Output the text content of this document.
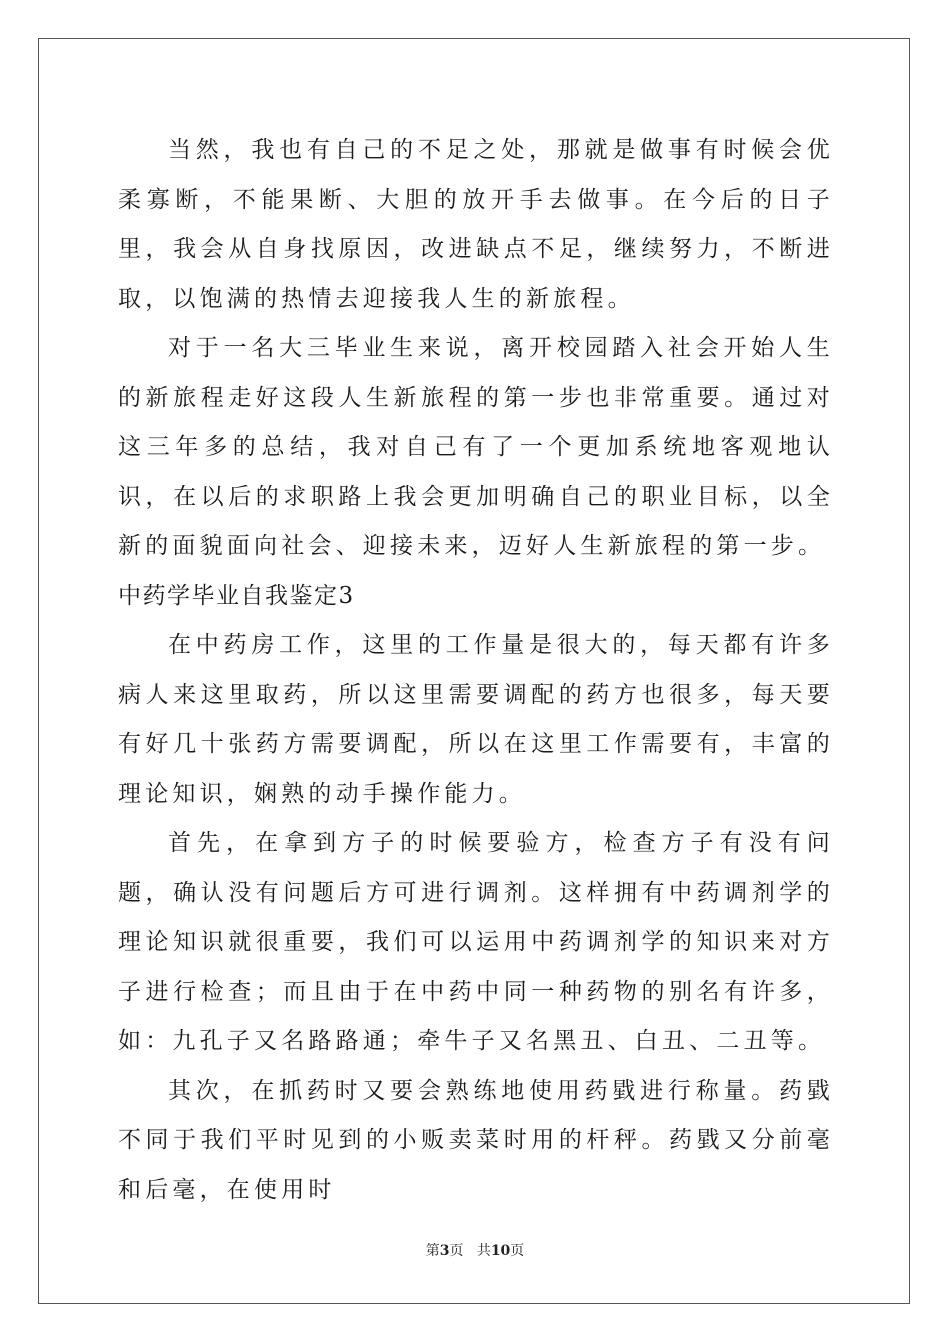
当然，我也有自己的不足之处，那就是做事有时候会优柔寡断，不能果断、大胆的放开手去做事。在今后的日子里，我会从自身找原因，改进缺点不足，继续努力，不断进取，以饱满的热情去迎接我人生的新旅程。

对于一名大三毕业生来说，离开校园踏入社会开始人生的新旅程走好这段人生新旅程的第一步也非常重要。通过对这三年多的总结，我对自己有了一个更加系统地客观地认识，在以后的求职路上我会更加明确自己的职业目标，以全新的面貌面向社会、迎接未来，迈好人生新旅程的第一步。

中药学毕业自我鉴定3

在中药房工作，这里的工作量是很大的，每天都有许多病人来这里取药，所以这里需要调配的药方也很多，每天要有好几十张药方需要调配，所以在这里工作需要有，丰富的理论知识，娴熟的动手操作能力。

首先，在拿到方子的时候要验方，检查方子有没有问题，确认没有问题后方可进行调剂。这样拥有中药调剂学的理论知识就很重要，我们可以运用中药调剂学的知识来对方子进行检查；而且由于在中药中同一种药物的别名有许多，如：九孔子又名路路通；牵牛子又名黑丑、白丑、二丑等。

其次，在抓药时又要会熟练地使用药戥进行称量。药戥不同于我们平时见到的小贩卖菜时用的杆秤。药戥又分前毫和后毫，在使用时

第3页 共10页
